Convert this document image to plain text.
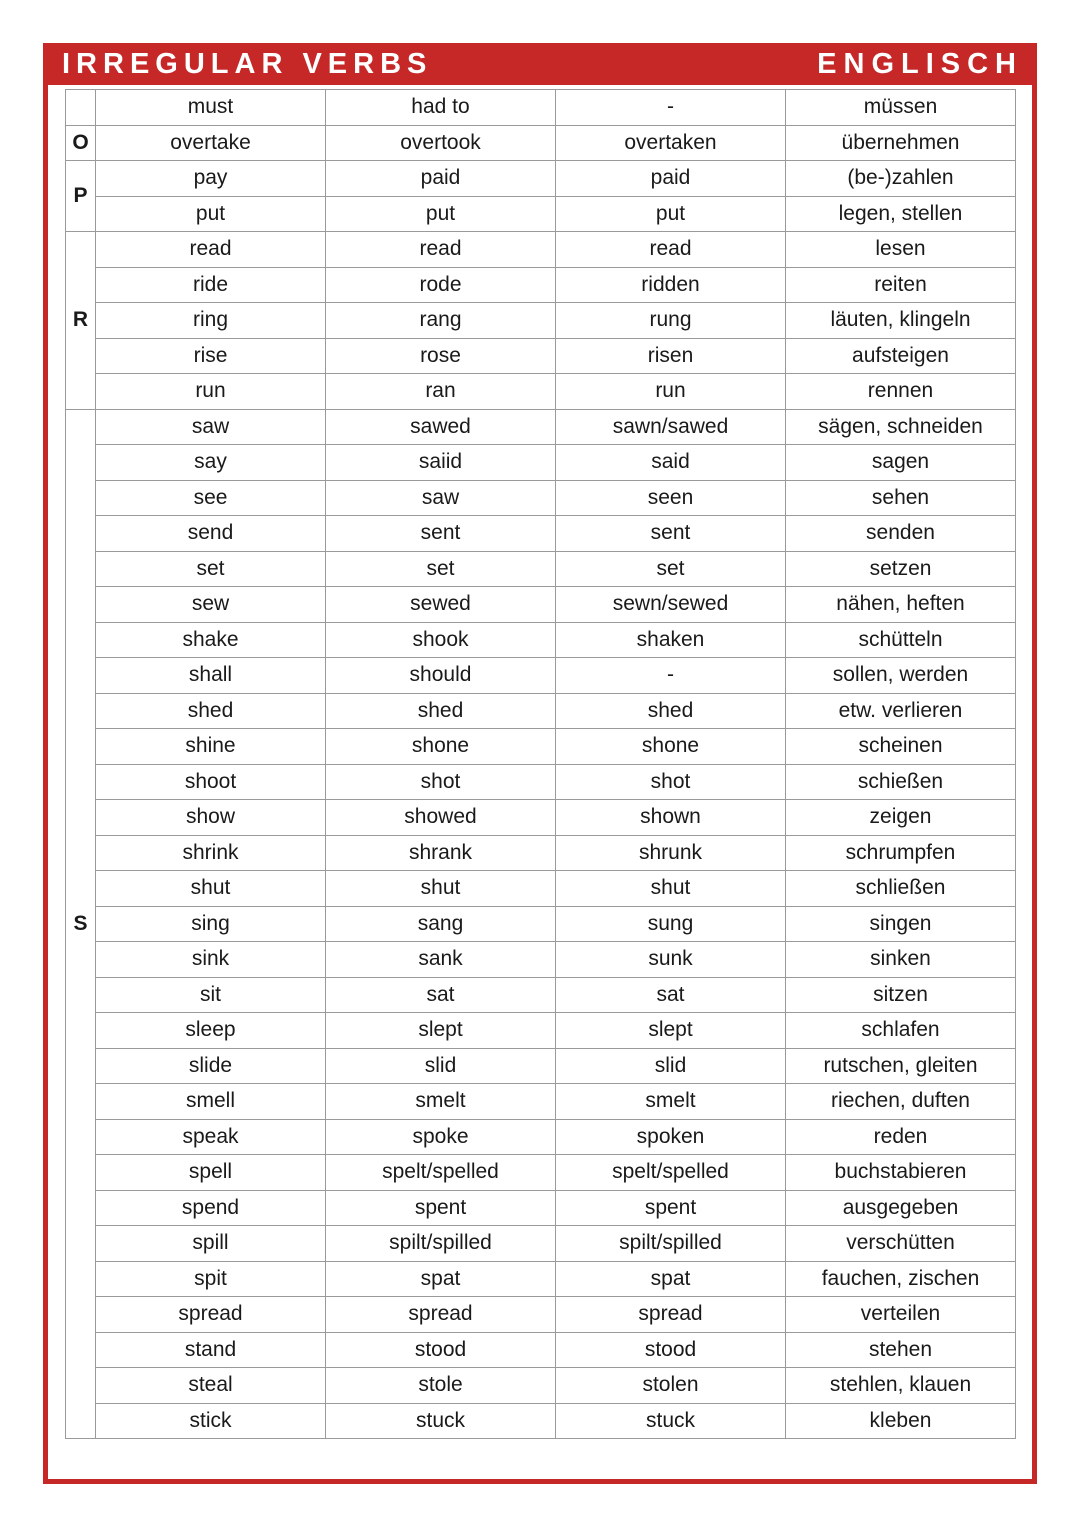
IRREGULAR VERBS	ENGLISCH
	must	had to	-	müssen
O	overtake	overtook	overtaken	übernehmen
P	pay	paid	paid	(be-)zahlen
	put	put	put	legen, stellen
R	read	read	read	lesen
	ride	rode	ridden	reiten
	ring	rang	rung	läuten, klingeln
	rise	rose	risen	aufsteigen
	run	ran	run	rennen
S	saw	sawed	sawn/sawed	sägen, schneiden
	say	saiid	said	sagen
	see	saw	seen	sehen
	send	sent	sent	senden
	set	set	set	setzen
	sew	sewed	sewn/sewed	nähen, heften
	shake	shook	shaken	schütteln
	shall	should	-	sollen, werden
	shed	shed	shed	etw. verlieren
	shine	shone	shone	scheinen
	shoot	shot	shot	schießen
	show	showed	shown	zeigen
	shrink	shrank	shrunk	schrumpfen
	shut	shut	shut	schließen
	sing	sang	sung	singen
	sink	sank	sunk	sinken
	sit	sat	sat	sitzen
	sleep	slept	slept	schlafen
	slide	slid	slid	rutschen, gleiten
	smell	smelt	smelt	riechen, duften
	speak	spoke	spoken	reden
	spell	spelt/spelled	spelt/spelled	buchstabieren
	spend	spent	spent	ausgegeben
	spill	spilt/spilled	spilt/spilled	verschütten
	spit	spat	spat	fauchen, zischen
	spread	spread	spread	verteilen
	stand	stood	stood	stehen
	steal	stole	stolen	stehlen, klauen
	stick	stuck	stuck	kleben
